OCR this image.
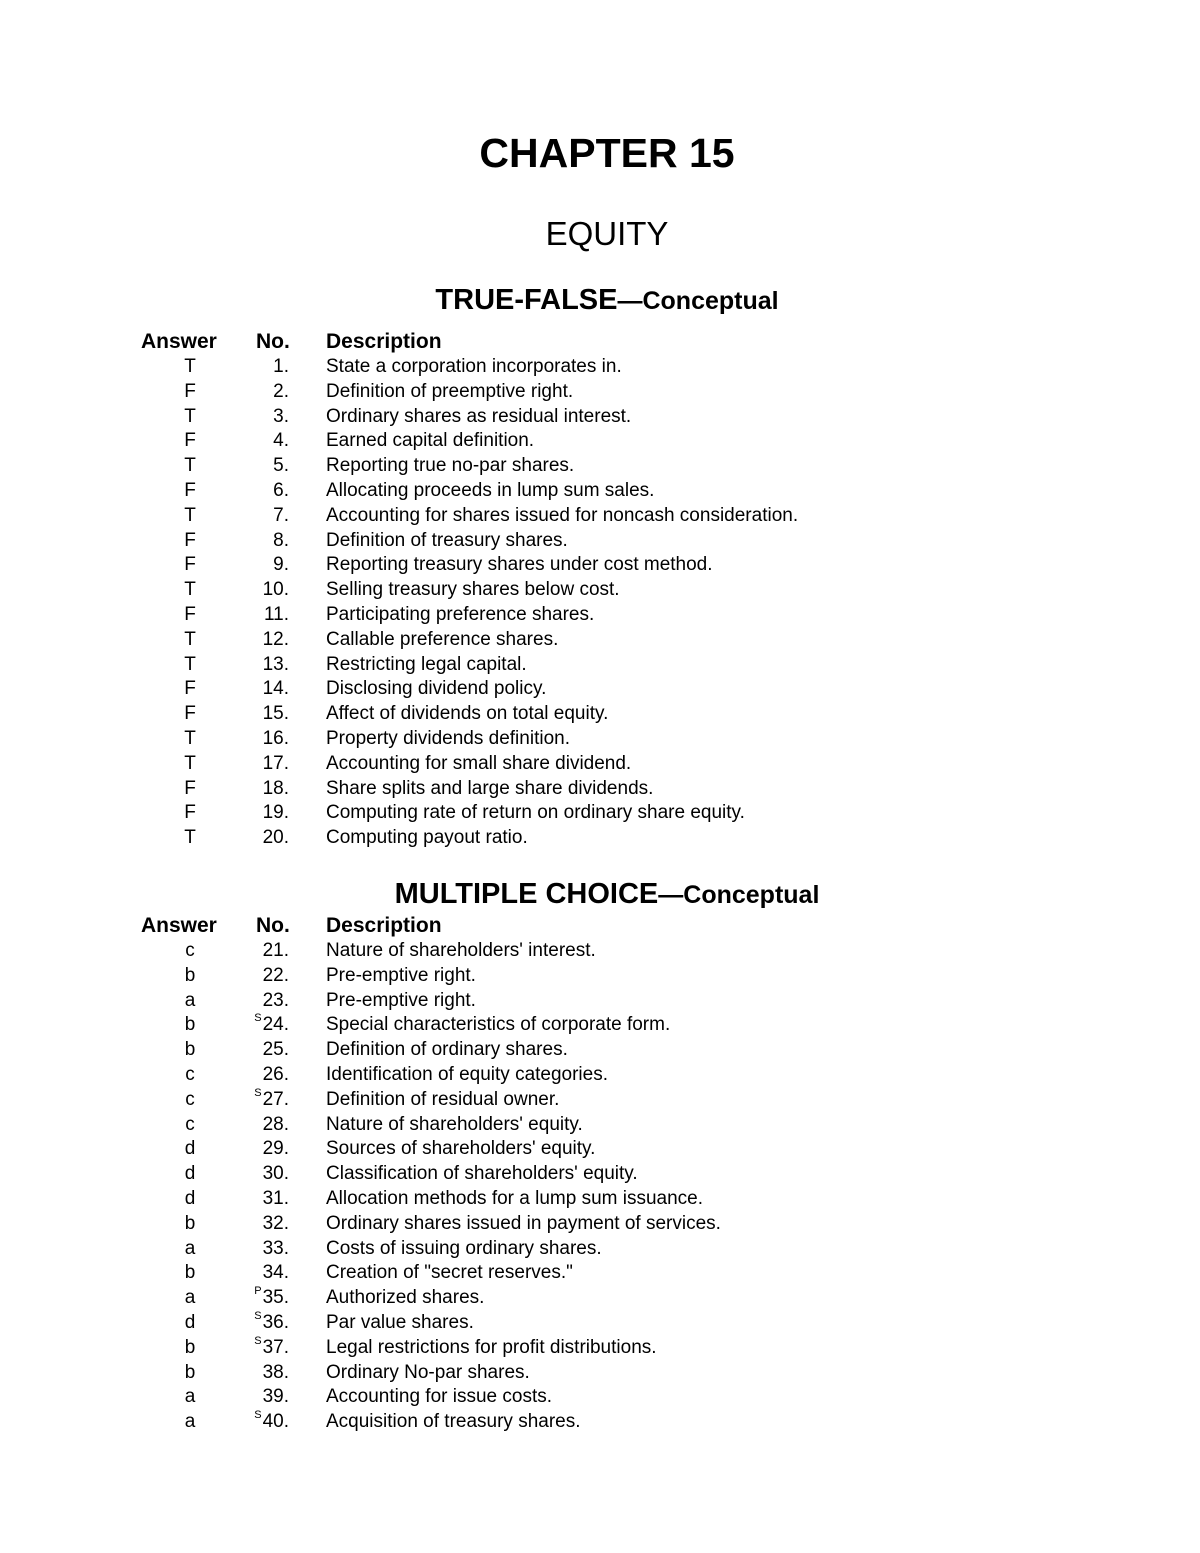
CHAPTER 15
EQUITY
TRUE-FALSE—Conceptual
Answer No. Description
T	1. State a corporation incorporates in.
F	2. Definition of preemptive right.
T	3. Ordinary shares as residual interest.
F	4. Earned capital definition.
T	5. Reporting true no-par shares.
F	6. Allocating proceeds in lump sum sales.
T	7. Accounting for shares issued for noncash consideration.
F	8. Definition of treasury shares.
F	9. Reporting treasury shares under cost method.
T	10. Selling treasury shares below cost.
F	11. Participating preference shares.
T	12. Callable preference shares.
T	13. Restricting legal capital.
F	14. Disclosing dividend policy.
F	15. Affect of dividends on total equity.
T	16. Property dividends definition.
T	17. Accounting for small share dividend.
F	18. Share splits and large share dividends.
F	19. Computing rate of return on ordinary share equity.
T	20. Computing payout ratio.
MULTIPLE CHOICE—Conceptual
Answer No. Description
c	21. Nature of shareholders' interest.
b	22. Pre-emptive right.
a	23. Pre-emptive right.
b	$^S$24. Special characteristics of corporate form.
b	25. Definition of ordinary shares.
c	26. Identification of equity categories.
c	$^S$27. Definition of residual owner.
c	28. Nature of shareholders' equity.
d	29. Sources of shareholders' equity.
d	30. Classification of shareholders' equity.
d	31. Allocation methods for a lump sum issuance.
b	32. Ordinary shares issued in payment of services.
a	33. Costs of issuing ordinary shares.
b	34. Creation of "secret reserves."
a	$^P$35. Authorized shares.
d	$^S$36. Par value shares.
b	$^S$37. Legal restrictions for profit distributions.
b	38. Ordinary No-par shares.
a	39. Accounting for issue costs.
a	$^S$40. Acquisition of treasury shares.
